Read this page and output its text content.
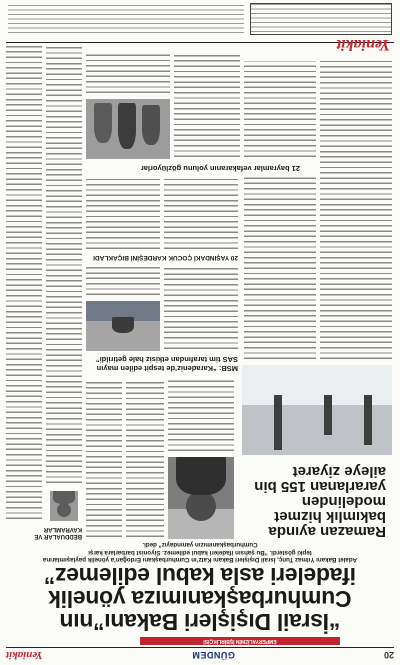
20
GÜNDEM
Yeniakit
EMPERYALİZMİN İŞBİRLİKÇİSİ
“İsrail Dışişleri Bakanı”nın
Cumhurbaşkanımıza yönelik
ifadeleri asla kabul edilemez”
Adalet Bakanı Yılmaz Tunç, İsrail Dışişleri Bakanı Katz’ın Cumhurbaşkanı Erdoğan’a yönelik paylaşımlarına
tepki gösterdi. “Bu şahsın ifadeleri kabul edilemez. Siyonist barbarlara karşı
Cumhurbaşkanımızın yanındayız” dedi.
BEDDUALAR VE
KAVRAMLAR	Ramazan ayında
bakımlık hizmet
modelinden
yararlanan 155 bin
aileye ziyaret
MSB: “Karadeniz’de tespit edilen mayın
SAS tim tarafından etkisiz hale getirildi”
20 YAŞINDAKİ ÇOCUK KARDEŞİNİ BIÇAKLADI
21 bayramlar vefakaranın yolunu gözlüyorlar
Yeniakit
